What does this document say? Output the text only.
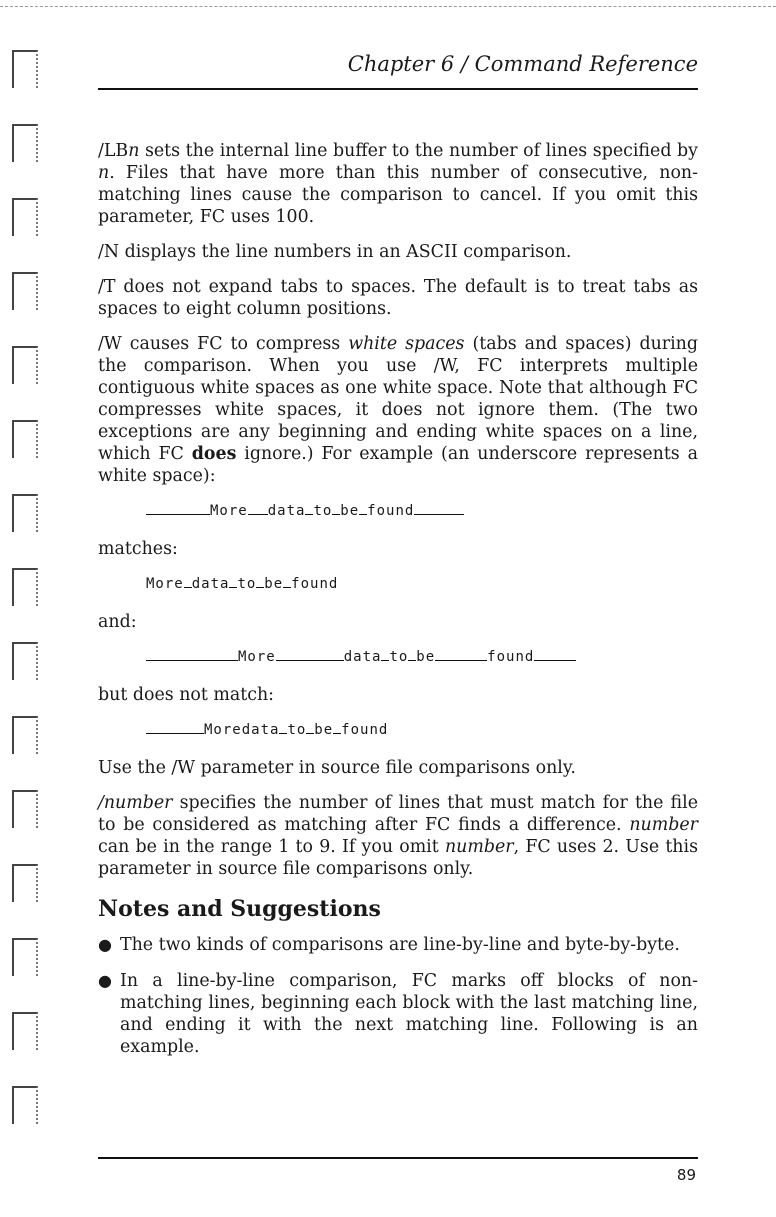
Chapter 6 / Command Reference

/LBn sets the internal line buffer to the number of lines specified by n. Files that have more than this number of consecutive, non-matching lines cause the comparison to cancel. If you omit this parameter, FC uses 100.

/N displays the line numbers in an ASCII comparison.

/T does not expand tabs to spaces. The default is to treat tabs as spaces to eight column positions.

/W causes FC to compress white spaces (tabs and spaces) during the comparison. When you use /W, FC interprets multiple contiguous white spaces as one white space. Note that although FC compresses white spaces, it does not ignore them. (The two exceptions are any beginning and ending white spaces on a line, which FC does ignore.) For example (an underscore represents a white space):

More data to be found

matches:

More data to be found

and:

More	data to be	found

but does not match:

Moredata to be found

Use the /W parameter in source file comparisons only.

/number specifies the number of lines that must match for the file to be considered as matching after FC finds a difference. number can be in the range 1 to 9. If you omit number, FC uses 2. Use this parameter in source file comparisons only.

Notes and Suggestions
● The two kinds of comparisons are line-by-line and byte-by-byte.
● In a line-by-line comparison, FC marks off blocks of non-matching lines, beginning each block with the last matching line, and ending it with the next matching line. Following is an example.
89
